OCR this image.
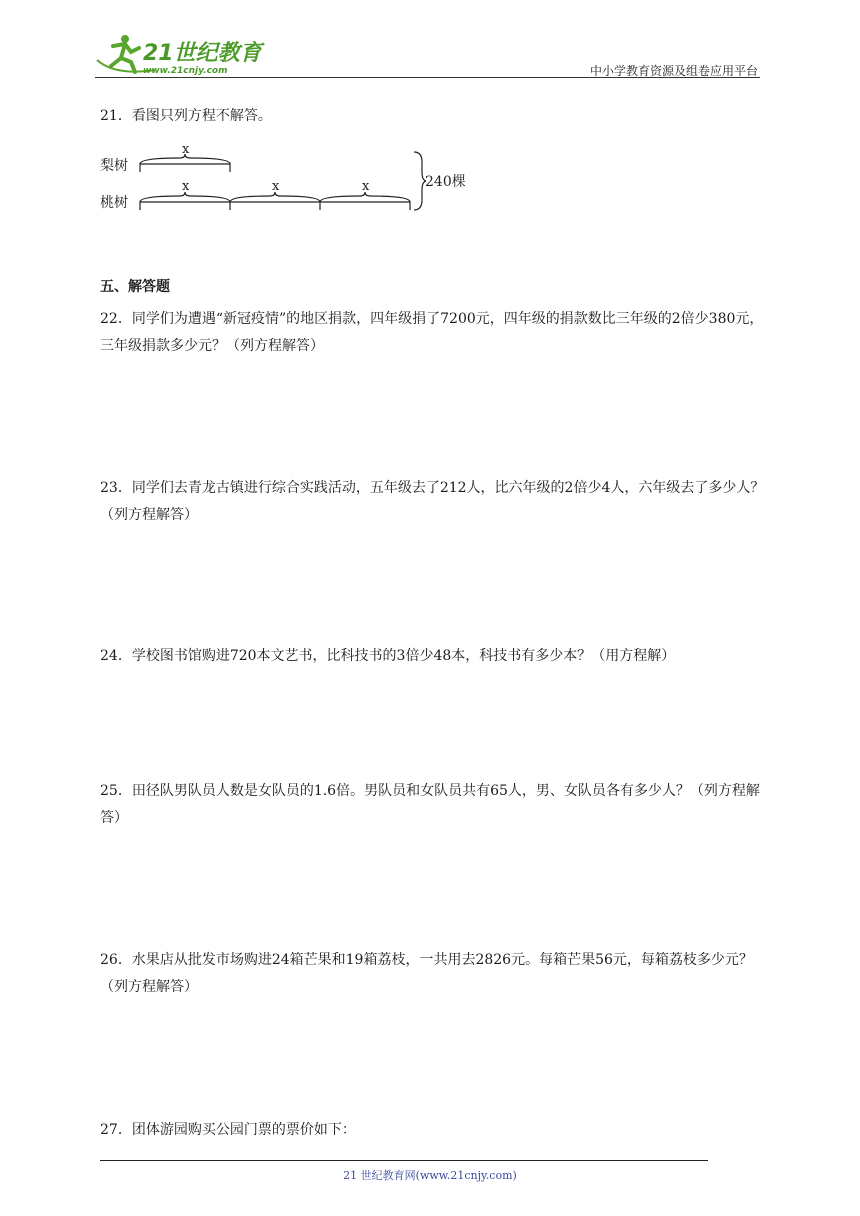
21世纪教育
www.21cnjy.com	中小学教育资源及组卷应用平台
21．看图只列方程不解答。
梨树
桃树
x
x	x	x	240棵
五、解答题
22．同学们为遭遇“新冠疫情”的地区捐款，四年级捐了7200元，四年级的捐款数比三年级的2倍少380元，三年级捐款多少元？（列方程解答）
23．同学们去青龙古镇进行综合实践活动，五年级去了212人，比六年级的2倍少4人，六年级去了多少人？（列方程解答）
24．学校图书馆购进720本文艺书，比科技书的3倍少48本，科技书有多少本？（用方程解）
25．田径队男队员人数是女队员的1.6倍。男队员和女队员共有65人，男、女队员各有多少人？（列方程解答）
26．水果店从批发市场购进24箱芒果和19箱荔枝，一共用去2826元。每箱芒果56元，每箱荔枝多少元？（列方程解答）
27．团体游园购买公园门票的票价如下：
21 世纪教育网(www.21cnjy.com)
